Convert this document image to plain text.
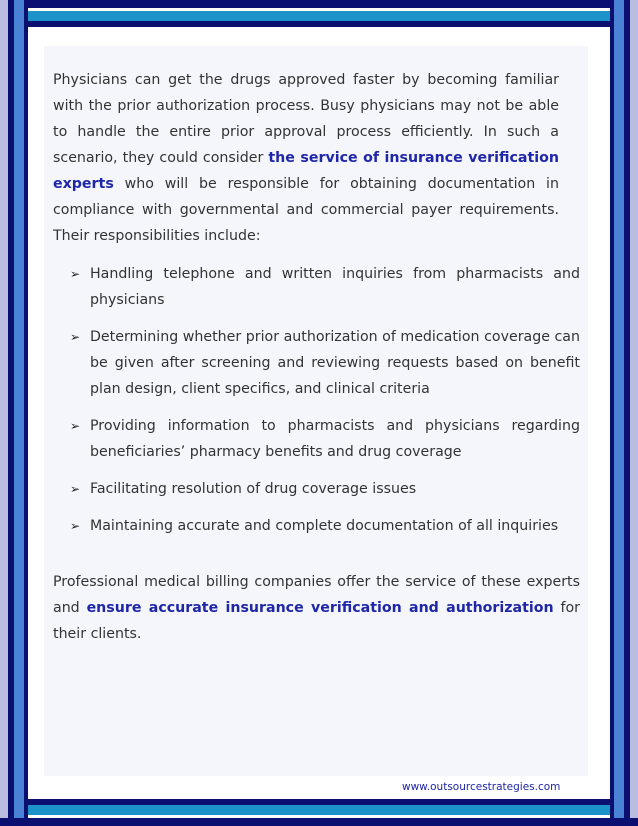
Physicians can get the drugs approved faster by becoming familiar with the prior authorization process. Busy physicians may not be able to handle the entire prior approval process efficiently. In such a scenario, they could consider the service of insurance verification experts who will be responsible for obtaining documentation in compliance with governmental and commercial payer requirements. Their responsibilities include:

➢ Handling telephone and written inquiries from pharmacists and physicians
➢ Determining whether prior authorization of medication coverage can be given after screening and reviewing requests based on benefit plan design, client specifics, and clinical criteria
➢ Providing information to pharmacists and physicians regarding beneficiaries’ pharmacy benefits and drug coverage
➢ Facilitating resolution of drug coverage issues
➢ Maintaining accurate and complete documentation of all inquiries

Professional medical billing companies offer the service of these experts and ensure accurate insurance verification and authorization for their clients.

www.outsourcestrategies.com
